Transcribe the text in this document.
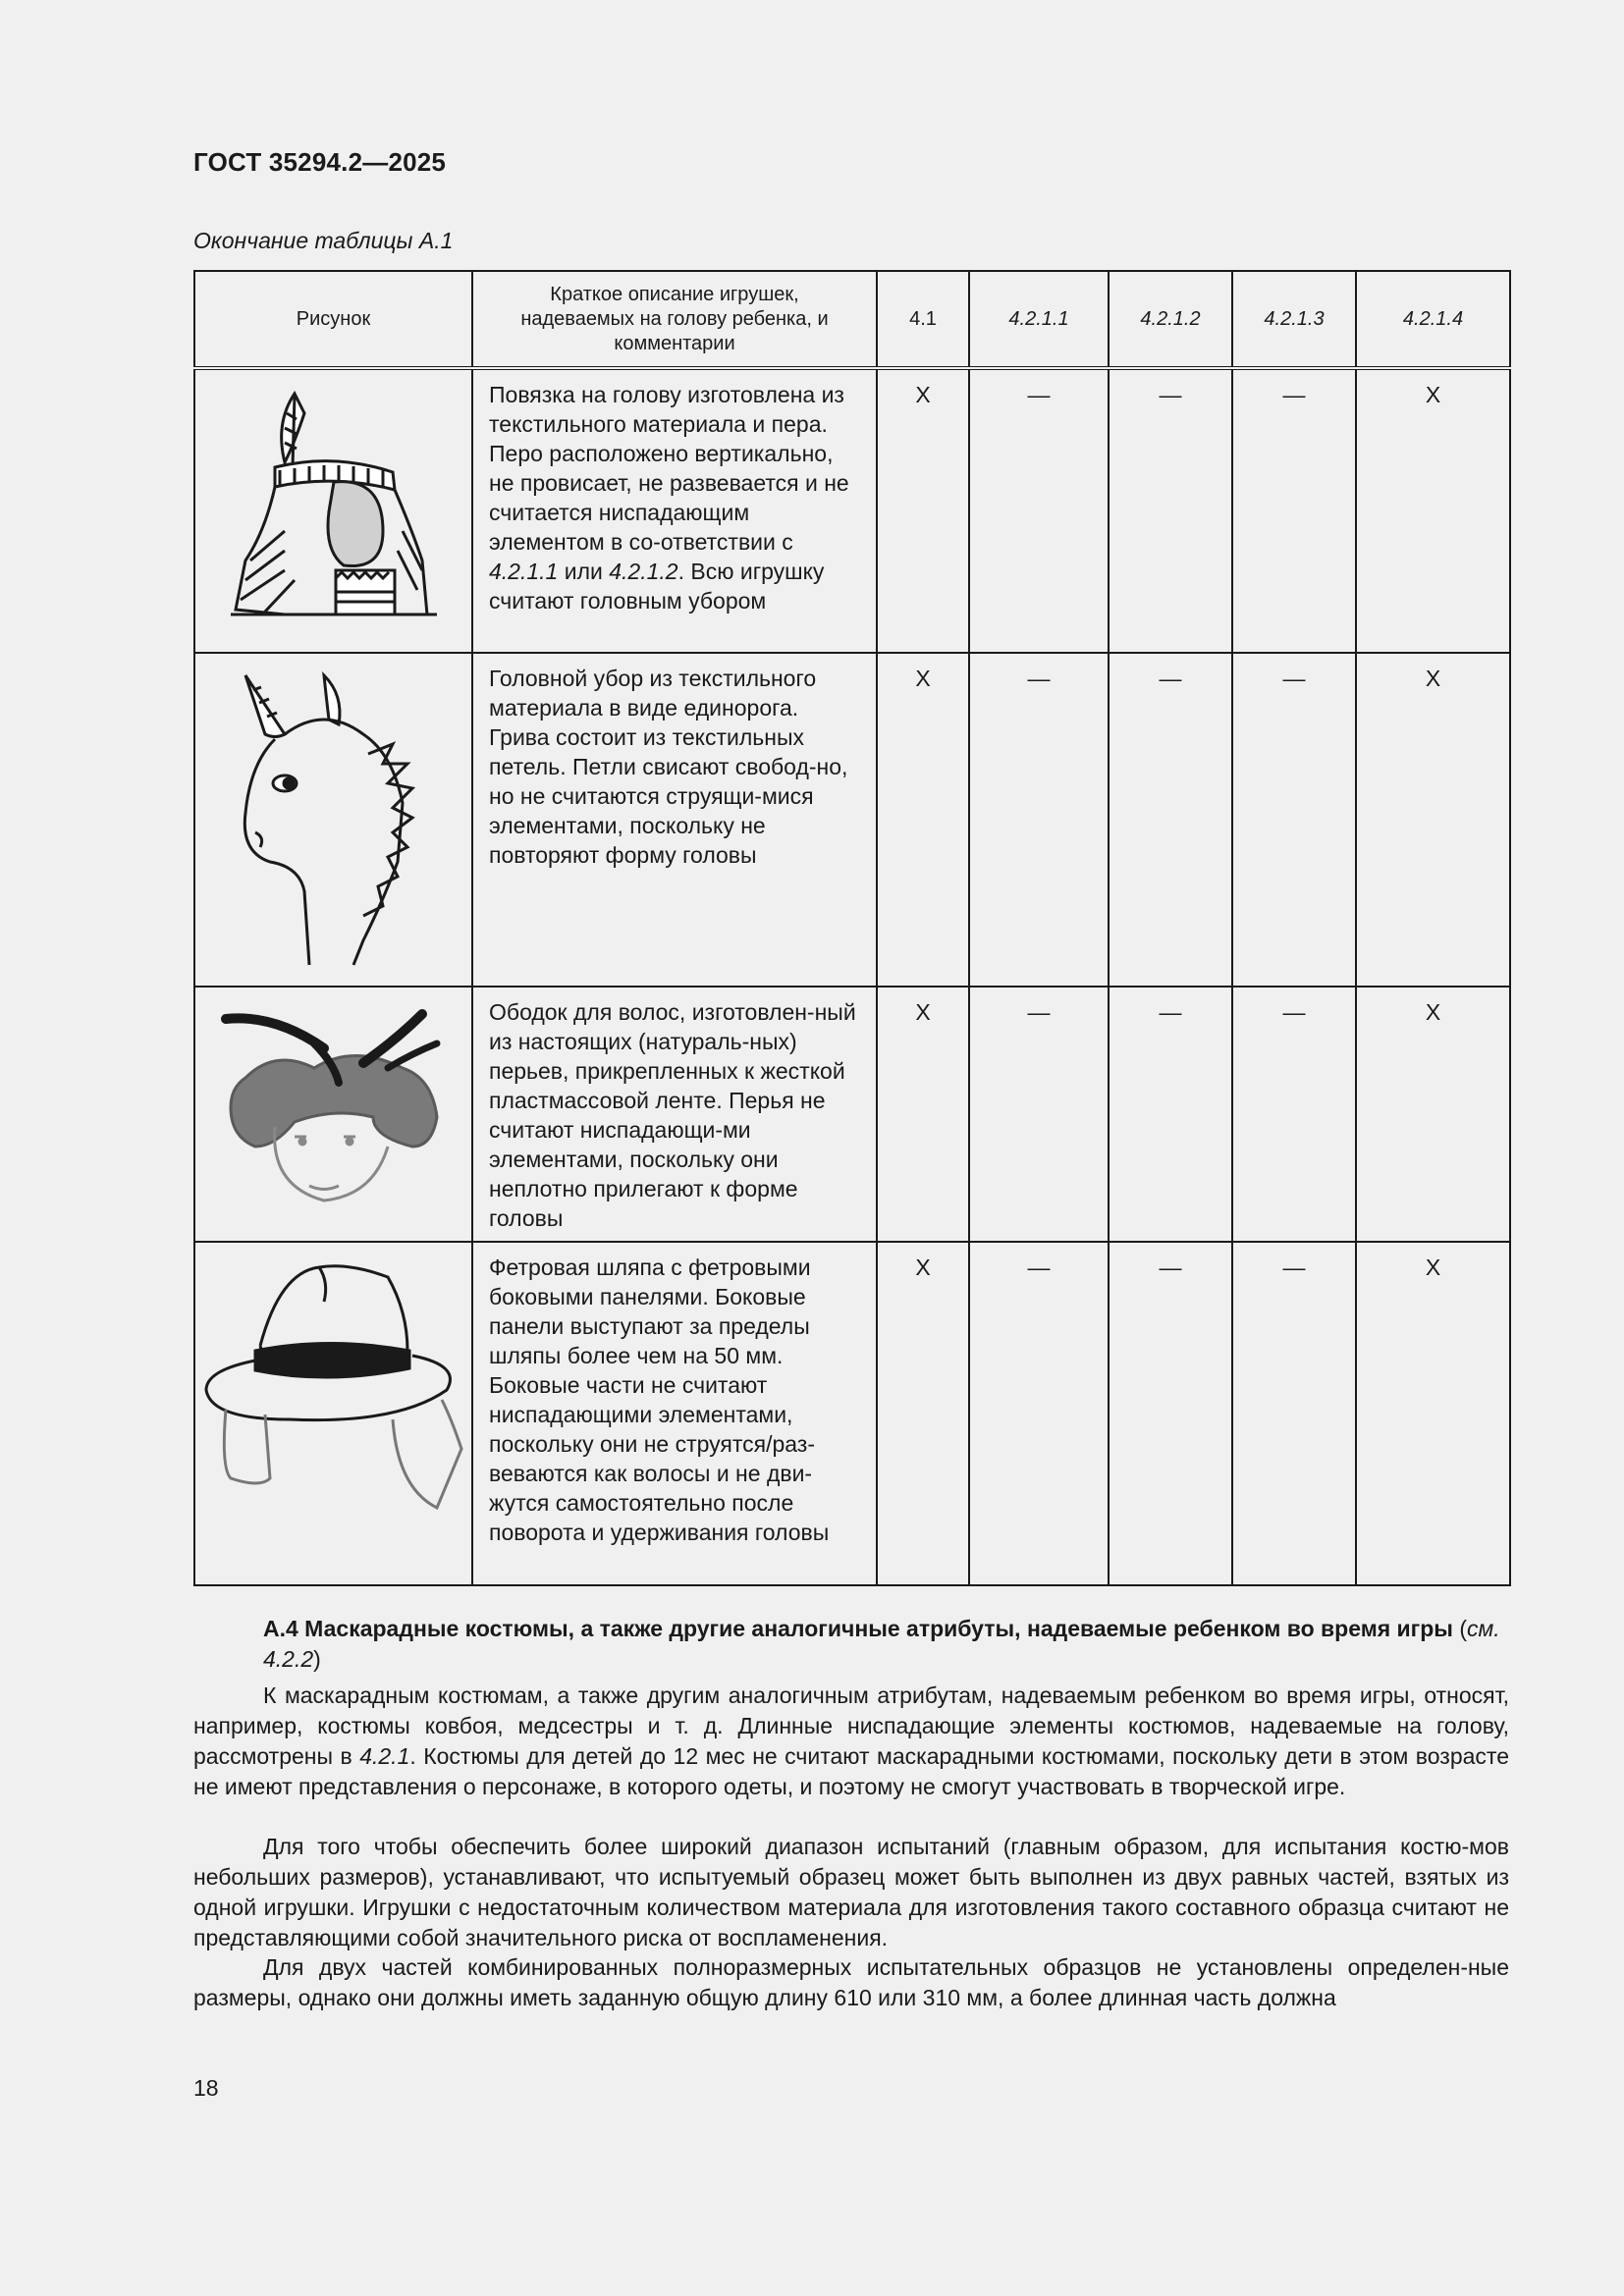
ГОСТ 35294.2—2025
Окончание таблицы А.1
Рисунок	Краткое описание игрушек, надеваемых на голову ребенка, и комментарии	4.1	4.2.1.1	4.2.1.2	4.2.1.3	4.2.1.4

	Повязка на голову изготовлена из текстильного материала и пера. Перо расположено вертикально, не провисает, не развевается и не считается ниспадающим элементом в со-ответствии с 4.2.1.1 или 4.2.1.2. Всю игрушку считают головным убором	X	—	—	—	X

	Головной убор из текстильного материала в виде единорога. Грива состоит из текстильных петель. Петли свисают свобод-но, но не считаются струящи-мися элементами, поскольку не повторяют форму головы	X	—	—	—	X

	Ободок для волос, изготовлен-ный из настоящих (натураль-ных) перьев, прикрепленных к жесткой пластмассовой ленте. Перья не считают ниспадающи-ми элементами, поскольку они неплотно прилегают к форме головы	X	—	—	—	X

	Фетровая шляпа с фетровыми боковыми панелями. Боковые панели выступают за пределы шляпы более чем на 50 мм. Боковые части не считают ниспадающими элементами, поскольку они не струятся/раз-веваются как волосы и не дви-жутся самостоятельно после поворота и удерживания головы	X	—	—	—	X
А.4 Маскарадные костюмы, а также другие аналогичные атрибуты, надеваемые ребенком во время игры (см. 4.2.2)

К маскарадным костюмам, а также другим аналогичным атрибутам, надеваемым ребенком во время игры, относят, например, костюмы ковбоя, медсестры и т. д. Длинные ниспадающие элементы костюмов, надеваемые на голову, рассмотрены в 4.2.1. Костюмы для детей до 12 мес не считают маскарадными костюмами, поскольку дети в этом возрасте не имеют представления о персонаже, в которого одеты, и поэтому не смогут участвовать в творческой игре.

Для того чтобы обеспечить более широкий диапазон испытаний (главным образом, для испытания костю-мов небольших размеров), устанавливают, что испытуемый образец может быть выполнен из двух равных частей, взятых из одной игрушки. Игрушки с недостаточным количеством материала для изготовления такого составного образца считают не представляющими собой значительного риска от воспламенения.

Для двух частей комбинированных полноразмерных испытательных образцов не установлены определен-ные размеры, однако они должны иметь заданную общую длину 610 или 310 мм, а более длинная часть должна

18
